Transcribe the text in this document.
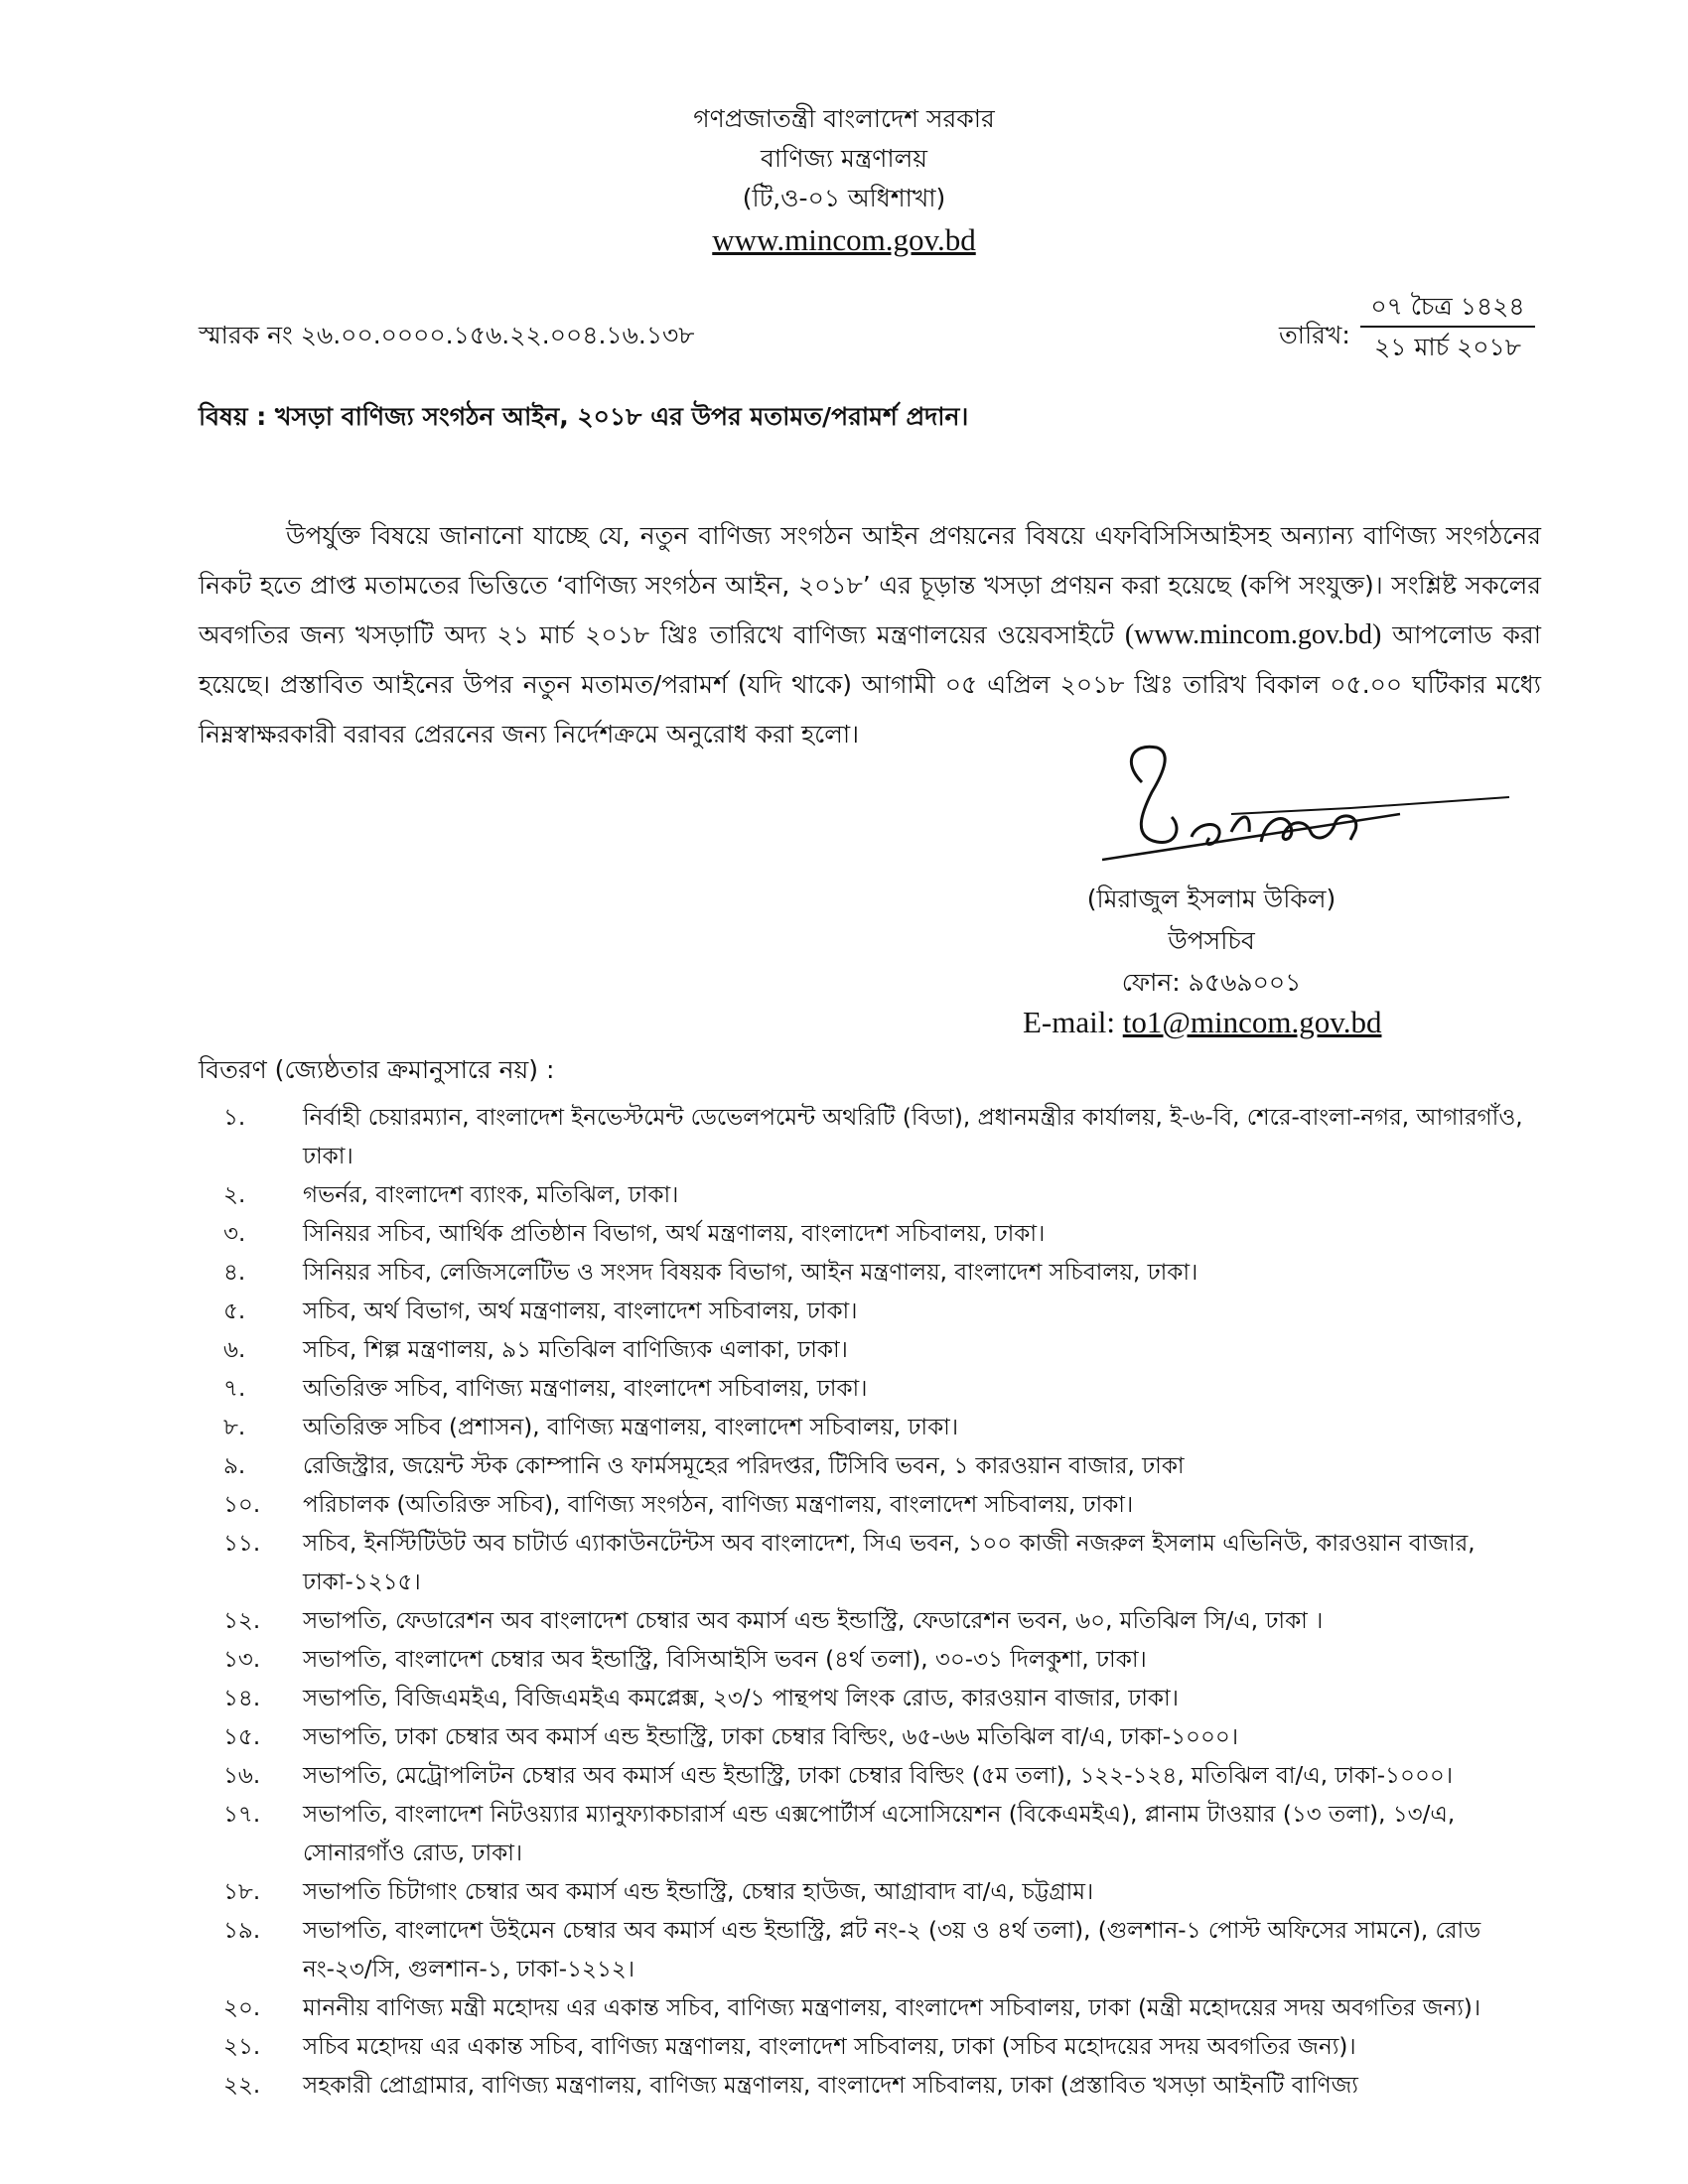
গণপ্রজাতন্ত্রী বাংলাদেশ সরকার
বাণিজ্য মন্ত্রণালয়
(টি,ও-০১ অধিশাখা)
www.mincom.gov.bd
স্মারক নং ২৬.০০.০০০০.১৫৬.২২.০০৪.১৬.১৩৮	তারিখ:
০৭ চৈত্র ১৪২৪
২১ মার্চ ২০১৮
বিষয় : খসড়া বাণিজ্য সংগঠন আইন, ২০১৮ এর উপর মতামত/পরামর্শ প্রদান।

উপর্যুক্ত বিষয়ে জানানো যাচ্ছে যে, নতুন বাণিজ্য সংগঠন আইন প্রণয়নের বিষয়ে এফবিসিসিআইসহ অন্যান্য বাণিজ্য সংগঠনের নিকট হতে প্রাপ্ত মতামতের ভিত্তিতে ‘বাণিজ্য সংগঠন আইন, ২০১৮’ এর চূড়ান্ত খসড়া প্রণয়ন করা হয়েছে (কপি সংযুক্ত)। সংশ্লিষ্ট সকলের অবগতির জন্য খসড়াটি অদ্য ২১ মার্চ ২০১৮ খ্রিঃ তারিখে বাণিজ্য মন্ত্রণালয়ের ওয়েবসাইটে (www.mincom.gov.bd) আপলোড করা হয়েছে। প্রস্তাবিত আইনের উপর নতুন মতামত/পরামর্শ (যদি থাকে) আগামী ০৫ এপ্রিল ২০১৮ খ্রিঃ তারিখ বিকাল ০৫.০০ ঘটিকার মধ্যে নিম্নস্বাক্ষরকারী বরাবর প্রেরনের জন্য নির্দেশক্রমে অনুরোধ করা হলো।

(মিরাজুল ইসলাম উকিল)
উপসচিব
ফোন: ৯৫৬৯০০১
E-mail: to1@mincom.gov.bd
বিতরণ (জ্যেষ্ঠতার ক্রমানুসারে নয়) :
১.	নির্বাহী চেয়ারম্যান, বাংলাদেশ ইনভেস্টমেন্ট ডেভেলপমেন্ট অথরিটি (বিডা), প্রধানমন্ত্রীর কার্যালয়, ই-৬-বি, শেরে-বাংলা-নগর, আগারগাঁও, ঢাকা।
২.	গভর্নর, বাংলাদেশ ব্যাংক, মতিঝিল, ঢাকা।
৩.	সিনিয়র সচিব, আর্থিক প্রতিষ্ঠান বিভাগ, অর্থ মন্ত্রণালয়, বাংলাদেশ সচিবালয়, ঢাকা।
৪.	সিনিয়র সচিব, লেজিসলেটিভ ও সংসদ বিষয়ক বিভাগ, আইন মন্ত্রণালয়, বাংলাদেশ সচিবালয়, ঢাকা।
৫.	সচিব, অর্থ বিভাগ, অর্থ মন্ত্রণালয়, বাংলাদেশ সচিবালয়, ঢাকা।
৬.	সচিব, শিল্প মন্ত্রণালয়, ৯১ মতিঝিল বাণিজ্যিক এলাকা, ঢাকা।
৭.	অতিরিক্ত সচিব, বাণিজ্য মন্ত্রণালয়, বাংলাদেশ সচিবালয়, ঢাকা।
৮.	অতিরিক্ত সচিব (প্রশাসন), বাণিজ্য মন্ত্রণালয়, বাংলাদেশ সচিবালয়, ঢাকা।
৯.	রেজিস্ট্রার, জয়েন্ট স্টক কোম্পানি ও ফার্মসমূহের পরিদপ্তর, টিসিবি ভবন, ১ কারওয়ান বাজার, ঢাকা
১০.	পরিচালক (অতিরিক্ত সচিব), বাণিজ্য সংগঠন, বাণিজ্য মন্ত্রণালয়, বাংলাদেশ সচিবালয়, ঢাকা।
১১.	সচিব, ইনস্টিটিউট অব চাটার্ড এ্যাকাউনটেন্টস অব বাংলাদেশ, সিএ ভবন, ১০০ কাজী নজরুল ইসলাম এভিনিউ, কারওয়ান বাজার, ঢাকা-১২১৫।
১২.	সভাপতি, ফেডারেশন অব বাংলাদেশ চেম্বার অব কমার্স এন্ড ইন্ডাস্ট্রি, ফেডারেশন ভবন, ৬০, মতিঝিল সি/এ, ঢাকা ।
১৩.	সভাপতি, বাংলাদেশ চেম্বার অব ইন্ডাস্ট্রি, বিসিআইসি ভবন (৪র্থ তলা), ৩০-৩১ দিলকুশা, ঢাকা।
১৪.	সভাপতি, বিজিএমইএ, বিজিএমইএ কমপ্লেক্স, ২৩/১ পান্থপথ লিংক রোড, কারওয়ান বাজার, ঢাকা।
১৫.	সভাপতি, ঢাকা চেম্বার অব কমার্স এন্ড ইন্ডাস্ট্রি, ঢাকা চেম্বার বিল্ডিং, ৬৫-৬৬ মতিঝিল বা/এ, ঢাকা-১০০০।
১৬.	সভাপতি, মেট্রোপলিটন চেম্বার অব কমার্স এন্ড ইন্ডাস্ট্রি, ঢাকা চেম্বার বিল্ডিং (৫ম তলা), ১২২-১২৪, মতিঝিল বা/এ, ঢাকা-১০০০।
১৭.	সভাপতি, বাংলাদেশ নিটওয়্যার ম্যানুফ্যাকচারার্স এন্ড এক্সপোর্টার্স এসোসিয়েশন (বিকেএমইএ), প্লানাম টাওয়ার (১৩ তলা), ১৩/এ, সোনারগাঁও রোড, ঢাকা।
১৮.	সভাপতি চিটাগাং চেম্বার অব কমার্স এন্ড ইন্ডাস্ট্রি, চেম্বার হাউজ, আগ্রাবাদ বা/এ, চট্টগ্রাম।
১৯.	সভাপতি, বাংলাদেশ উইমেন চেম্বার অব কমার্স এন্ড ইন্ডাস্ট্রি, প্লট নং-২ (৩য় ও ৪র্থ তলা), (গুলশান-১ পোস্ট অফিসের সামনে), রোড নং-২৩/সি, গুলশান-১, ঢাকা-১২১২।
২০.	মাননীয় বাণিজ্য মন্ত্রী মহোদয় এর একান্ত সচিব, বাণিজ্য মন্ত্রণালয়, বাংলাদেশ সচিবালয়, ঢাকা (মন্ত্রী মহোদয়ের সদয় অবগতির জন্য)।
২১.	সচিব মহোদয় এর একান্ত সচিব, বাণিজ্য মন্ত্রণালয়, বাংলাদেশ সচিবালয়, ঢাকা (সচিব মহোদয়ের সদয় অবগতির জন্য)।
২২.	সহকারী প্রোগ্রামার, বাণিজ্য মন্ত্রণালয়, বাণিজ্য মন্ত্রণালয়, বাংলাদেশ সচিবালয়, ঢাকা (প্রস্তাবিত খসড়া আইনটি বাণিজ্য
